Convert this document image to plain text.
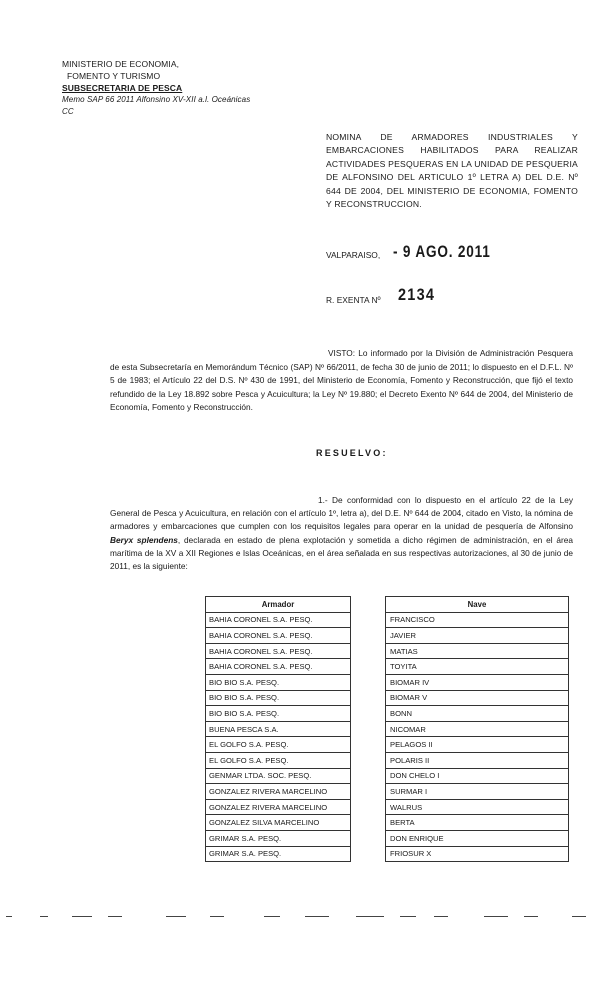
MINISTERIO DE ECONOMIA,
FOMENTO Y TURISMO
SUBSECRETARIA DE PESCA
Memo SAP 66 2011 Alfonsino XV-XII a.l. Oceánicas
CC
NOMINA DE ARMADORES INDUSTRIALES Y EMBARCACIONES HABILITADOS PARA REALIZAR ACTIVIDADES PESQUERAS EN LA UNIDAD DE PESQUERIA DE ALFONSINO DEL ARTICULO 1º LETRA A) DEL D.E. Nº 644 DE 2004, DEL MINISTERIO DE ECONOMIA, FOMENTO Y RECONSTRUCCION.
VALPARAISO, - 9 AGO. 2011
R. EXENTA Nº 2134
VISTO: Lo informado por la División de Administración Pesquera de esta Subsecretaría en Memorándum Técnico (SAP) Nº 66/2011, de fecha 30 de junio de 2011; lo dispuesto en el D.F.L. Nº 5 de 1983; el Artículo 22 del D.S. Nº 430 de 1991, del Ministerio de Economía, Fomento y Reconstrucción, que fijó el texto refundido de la Ley 18.892 sobre Pesca y Acuicultura; la Ley Nº 19.880; el Decreto Exento Nº 644 de 2004, del Ministerio de Economía, Fomento y Reconstrucción.
RESUELVO:
1.- De conformidad con lo dispuesto en el artículo 22 de la Ley General de Pesca y Acuicultura, en relación con el artículo 1º, letra a), del D.E. Nº 644 de 2004, citado en Visto, la nómina de armadores y embarcaciones que cumplen con los requisitos legales para operar en la unidad de pesquería de Alfonsino Beryx splendens, declarada en estado de plena explotación y sometida a dicho régimen de administración, en el área marítima de la XV a XII Regiones e Islas Oceánicas, en el área señalada en sus respectivas autorizaciones, al 30 de junio de 2011, es la siguiente:
Armador		Nave
BAHIA CORONEL S.A. PESQ.		FRANCISCO
BAHIA CORONEL S.A. PESQ.		JAVIER
BAHIA CORONEL S.A. PESQ.		MATIAS
BAHIA CORONEL S.A. PESQ.		TOYITA
BIO BIO S.A. PESQ.		BIOMAR IV
BIO BIO S.A. PESQ.		BIOMAR V
BIO BIO S.A. PESQ.		BONN
BUENA PESCA S.A.		NICOMAR
EL GOLFO S.A. PESQ.		PELAGOS II
EL GOLFO S.A. PESQ.		POLARIS II
GENMAR LTDA. SOC. PESQ.		DON CHELO I
GONZALEZ RIVERA MARCELINO		SURMAR I
GONZALEZ RIVERA MARCELINO		WALRUS
GONZALEZ SILVA MARCELINO		BERTA
GRIMAR S.A. PESQ.		DON ENRIQUE
GRIMAR S.A. PESQ.		FRIOSUR X
